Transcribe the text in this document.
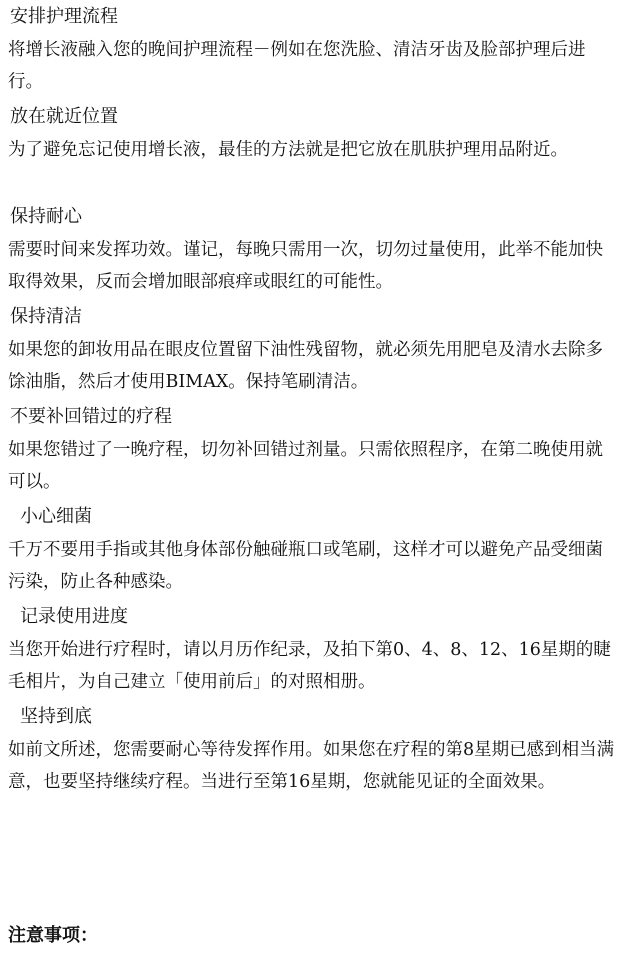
安排护理流程
将增长液融入您的晚间护理流程－例如在您洗脸、清洁牙齿及脸部护理后进行。
放在就近位置
为了避免忘记使用增长液，最佳的方法就是把它放在肌肤护理用品附近。
保持耐心
需要时间来发挥功效。谨记，每晚只需用一次，切勿过量使用，此举不能加快取得效果，反而会增加眼部痕痒或眼红的可能性。
保持清洁
如果您的卸妆用品在眼皮位置留下油性残留物，就必须先用肥皂及清水去除多馀油脂，然后才使用BIMAX。保持笔刷清洁。
不要补回错过的疗程
如果您错过了一晚疗程，切勿补回错过剂量。只需依照程序，在第二晚使用就可以。
小心细菌
千万不要用手指或其他身体部份触碰瓶口或笔刷，这样才可以避免产品受细菌污染，防止各种感染。
记录使用进度
当您开始进行疗程时，请以月历作纪录，及拍下第0、4、8、12、16星期的睫毛相片，为自己建立「使用前后」的对照相册。
坚持到底
如前文所述，您需要耐心等待发挥作用。如果您在疗程的第8星期已感到相当满意，也要坚持继续疗程。当进行至第16星期，您就能见证的全面效果。
注意事项：
